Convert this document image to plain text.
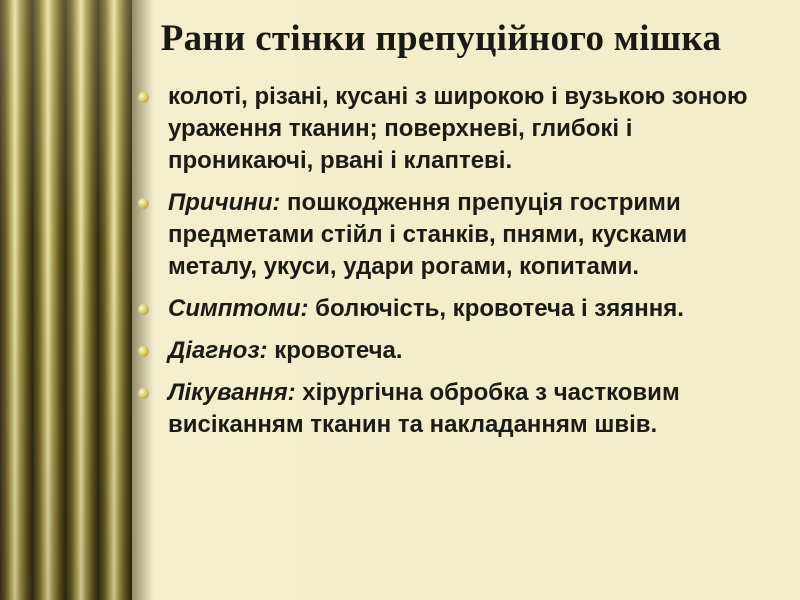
Рани стінки препуційного мішка
колоті, різані, кусані з широкою і вузькою зоною ураження тканин; поверхневі, глибокі і проникаючі, рвані і клаптеві.
Причини: пошкодження препуція гострими предметами стійл і станків, пнями, кусками металу, укуси, удари рогами, копитами.
Симптоми: болючість, кровотеча і зяяння.
Діагноз: кровотеча.
Лікування: хірургічна обробка з частковим висіканням тканин та накладанням швів.
